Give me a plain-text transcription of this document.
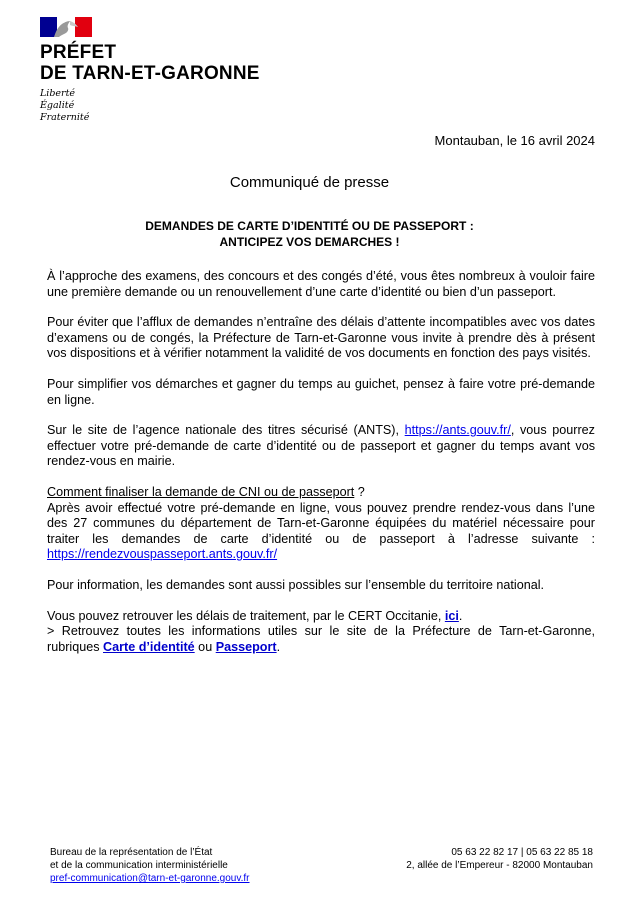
PRÉFET
DE TARN-ET-GARONNE
Liberté
Égalité
Fraternité
Montauban, le 16 avril 2024
Communiqué de presse
DEMANDES DE CARTE D’IDENTITÉ OU DE PASSEPORT :
ANTICIPEZ VOS DEMARCHES !

À l’approche des examens, des concours et des congés d’été, vous êtes nombreux à vouloir faire une première demande ou un renouvellement d’une carte d’identité ou bien d’un passeport.

Pour éviter que l’afflux de demandes n’entraîne des délais d’attente incompatibles avec vos dates d’examens ou de congés, la Préfecture de Tarn-et-Garonne vous invite à prendre dès à présent vos dispositions et à vérifier notamment la validité de vos documents en fonction des pays visités.

Pour simplifier vos démarches et gagner du temps au guichet, pensez à faire votre pré-demande en ligne.

Sur le site de l’agence nationale des titres sécurisé (ANTS), https://ants.gouv.fr/, vous pourrez effectuer votre pré-demande de carte d’identité ou de passeport et gagner du temps avant vos rendez-vous en mairie.

Comment finaliser la demande de CNI ou de passeport ?
Après avoir effectué votre pré-demande en ligne, vous pouvez prendre rendez-vous dans l’une des 27 communes du département de Tarn-et-Garonne équipées du matériel nécessaire pour traiter les demandes de carte d’identité ou de passeport à l’adresse suivante : https://rendezvouspasseport.ants.gouv.fr/

Pour information, les demandes sont aussi possibles sur l’ensemble du territoire national.

Vous pouvez retrouver les délais de traitement, par le CERT Occitanie, ici.
> Retrouvez toutes les informations utiles sur le site de la Préfecture de Tarn-et-Garonne, rubriques Carte d’identité ou Passeport.

Bureau de la représentation de l’État
et de la communication interministérielle
pref-communication@tarn-et-garonne.gouv.fr
05 63 22 82 17 | 05 63 22 85 18
2, allée de l’Empereur - 82000 Montauban
